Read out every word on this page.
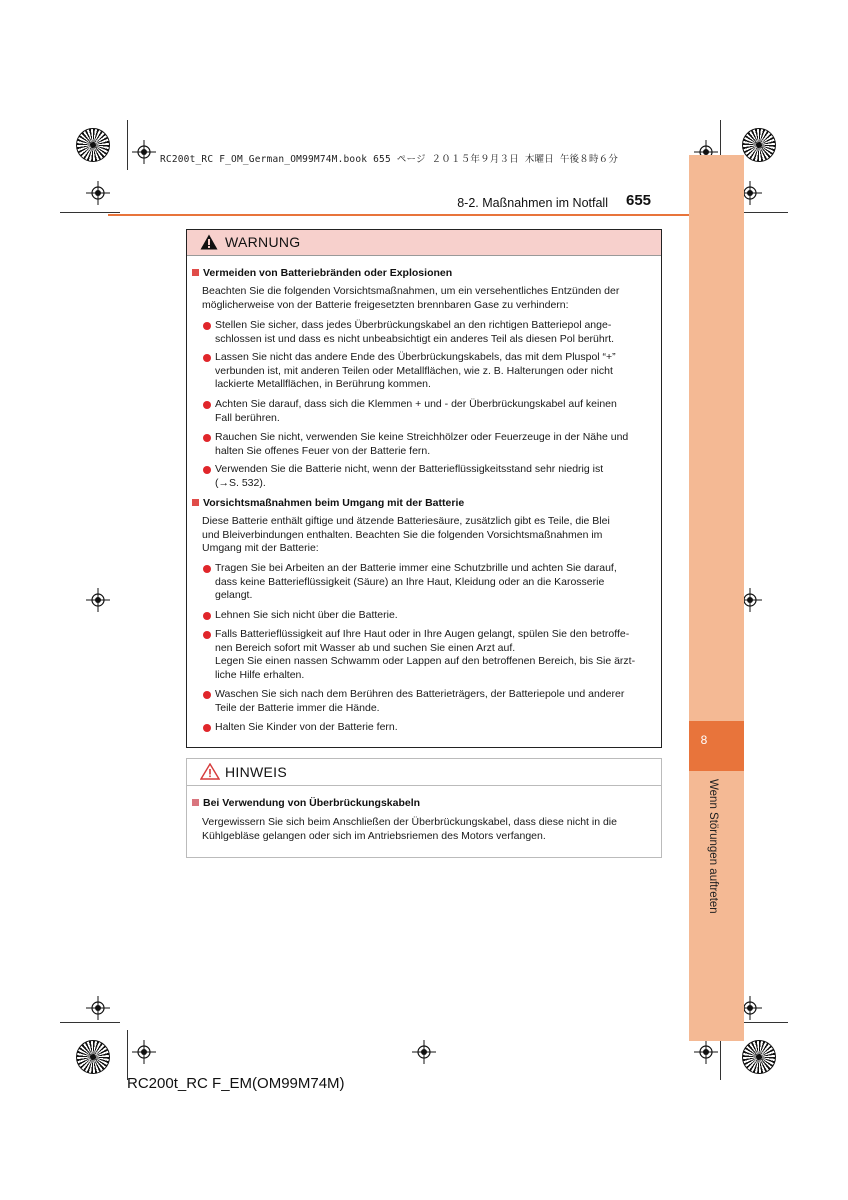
RC200t_RC F_OM_German_OM99M74M.book 655 ページ ２０１５年９月３日 木曜日 午後８時６分
8-2. Maßnahmen im Notfall 655
8
Wenn Störungen auftreten
WARNUNG
Vermeiden von Batteriebränden oder Explosionen
Beachten Sie die folgenden Vorsichtsmaßnahmen, um ein versehentliches Entzünden der
möglicherweise von der Batterie freigesetzten brennbaren Gase zu verhindern:
Stellen Sie sicher, dass jedes Überbrückungskabel an den richtigen Batteriepol ange-
schlossen ist und dass es nicht unbeabsichtigt ein anderes Teil als diesen Pol berührt.
Lassen Sie nicht das andere Ende des Überbrückungskabels, das mit dem Pluspol “+”
verbunden ist, mit anderen Teilen oder Metallflächen, wie z. B. Halterungen oder nicht
lackierte Metallflächen, in Berührung kommen.
Achten Sie darauf, dass sich die Klemmen + und - der Überbrückungskabel auf keinen
Fall berühren.
Rauchen Sie nicht, verwenden Sie keine Streichhölzer oder Feuerzeuge in der Nähe und
halten Sie offenes Feuer von der Batterie fern.
Verwenden Sie die Batterie nicht, wenn der Batterieflüssigkeitsstand sehr niedrig ist
(→S. 532).
Vorsichtsmaßnahmen beim Umgang mit der Batterie
Diese Batterie enthält giftige und ätzende Batteriesäure, zusätzlich gibt es Teile, die Blei
und Bleiverbindungen enthalten. Beachten Sie die folgenden Vorsichtsmaßnahmen im
Umgang mit der Batterie:
Tragen Sie bei Arbeiten an der Batterie immer eine Schutzbrille und achten Sie darauf,
dass keine Batterieflüssigkeit (Säure) an Ihre Haut, Kleidung oder an die Karosserie
gelangt.
Lehnen Sie sich nicht über die Batterie.
Falls Batterieflüssigkeit auf Ihre Haut oder in Ihre Augen gelangt, spülen Sie den betroffe-
nen Bereich sofort mit Wasser ab und suchen Sie einen Arzt auf.
Legen Sie einen nassen Schwamm oder Lappen auf den betroffenen Bereich, bis Sie ärzt-
liche Hilfe erhalten.
Waschen Sie sich nach dem Berühren des Batterieträgers, der Batteriepole und anderer
Teile der Batterie immer die Hände.
Halten Sie Kinder von der Batterie fern.
HINWEIS
Bei Verwendung von Überbrückungskabeln
Vergewissern Sie sich beim Anschließen der Überbrückungskabel, dass diese nicht in die
Kühlgebläse gelangen oder sich im Antriebsriemen des Motors verfangen.
RC200t_RC F_EM(OM99M74M)
